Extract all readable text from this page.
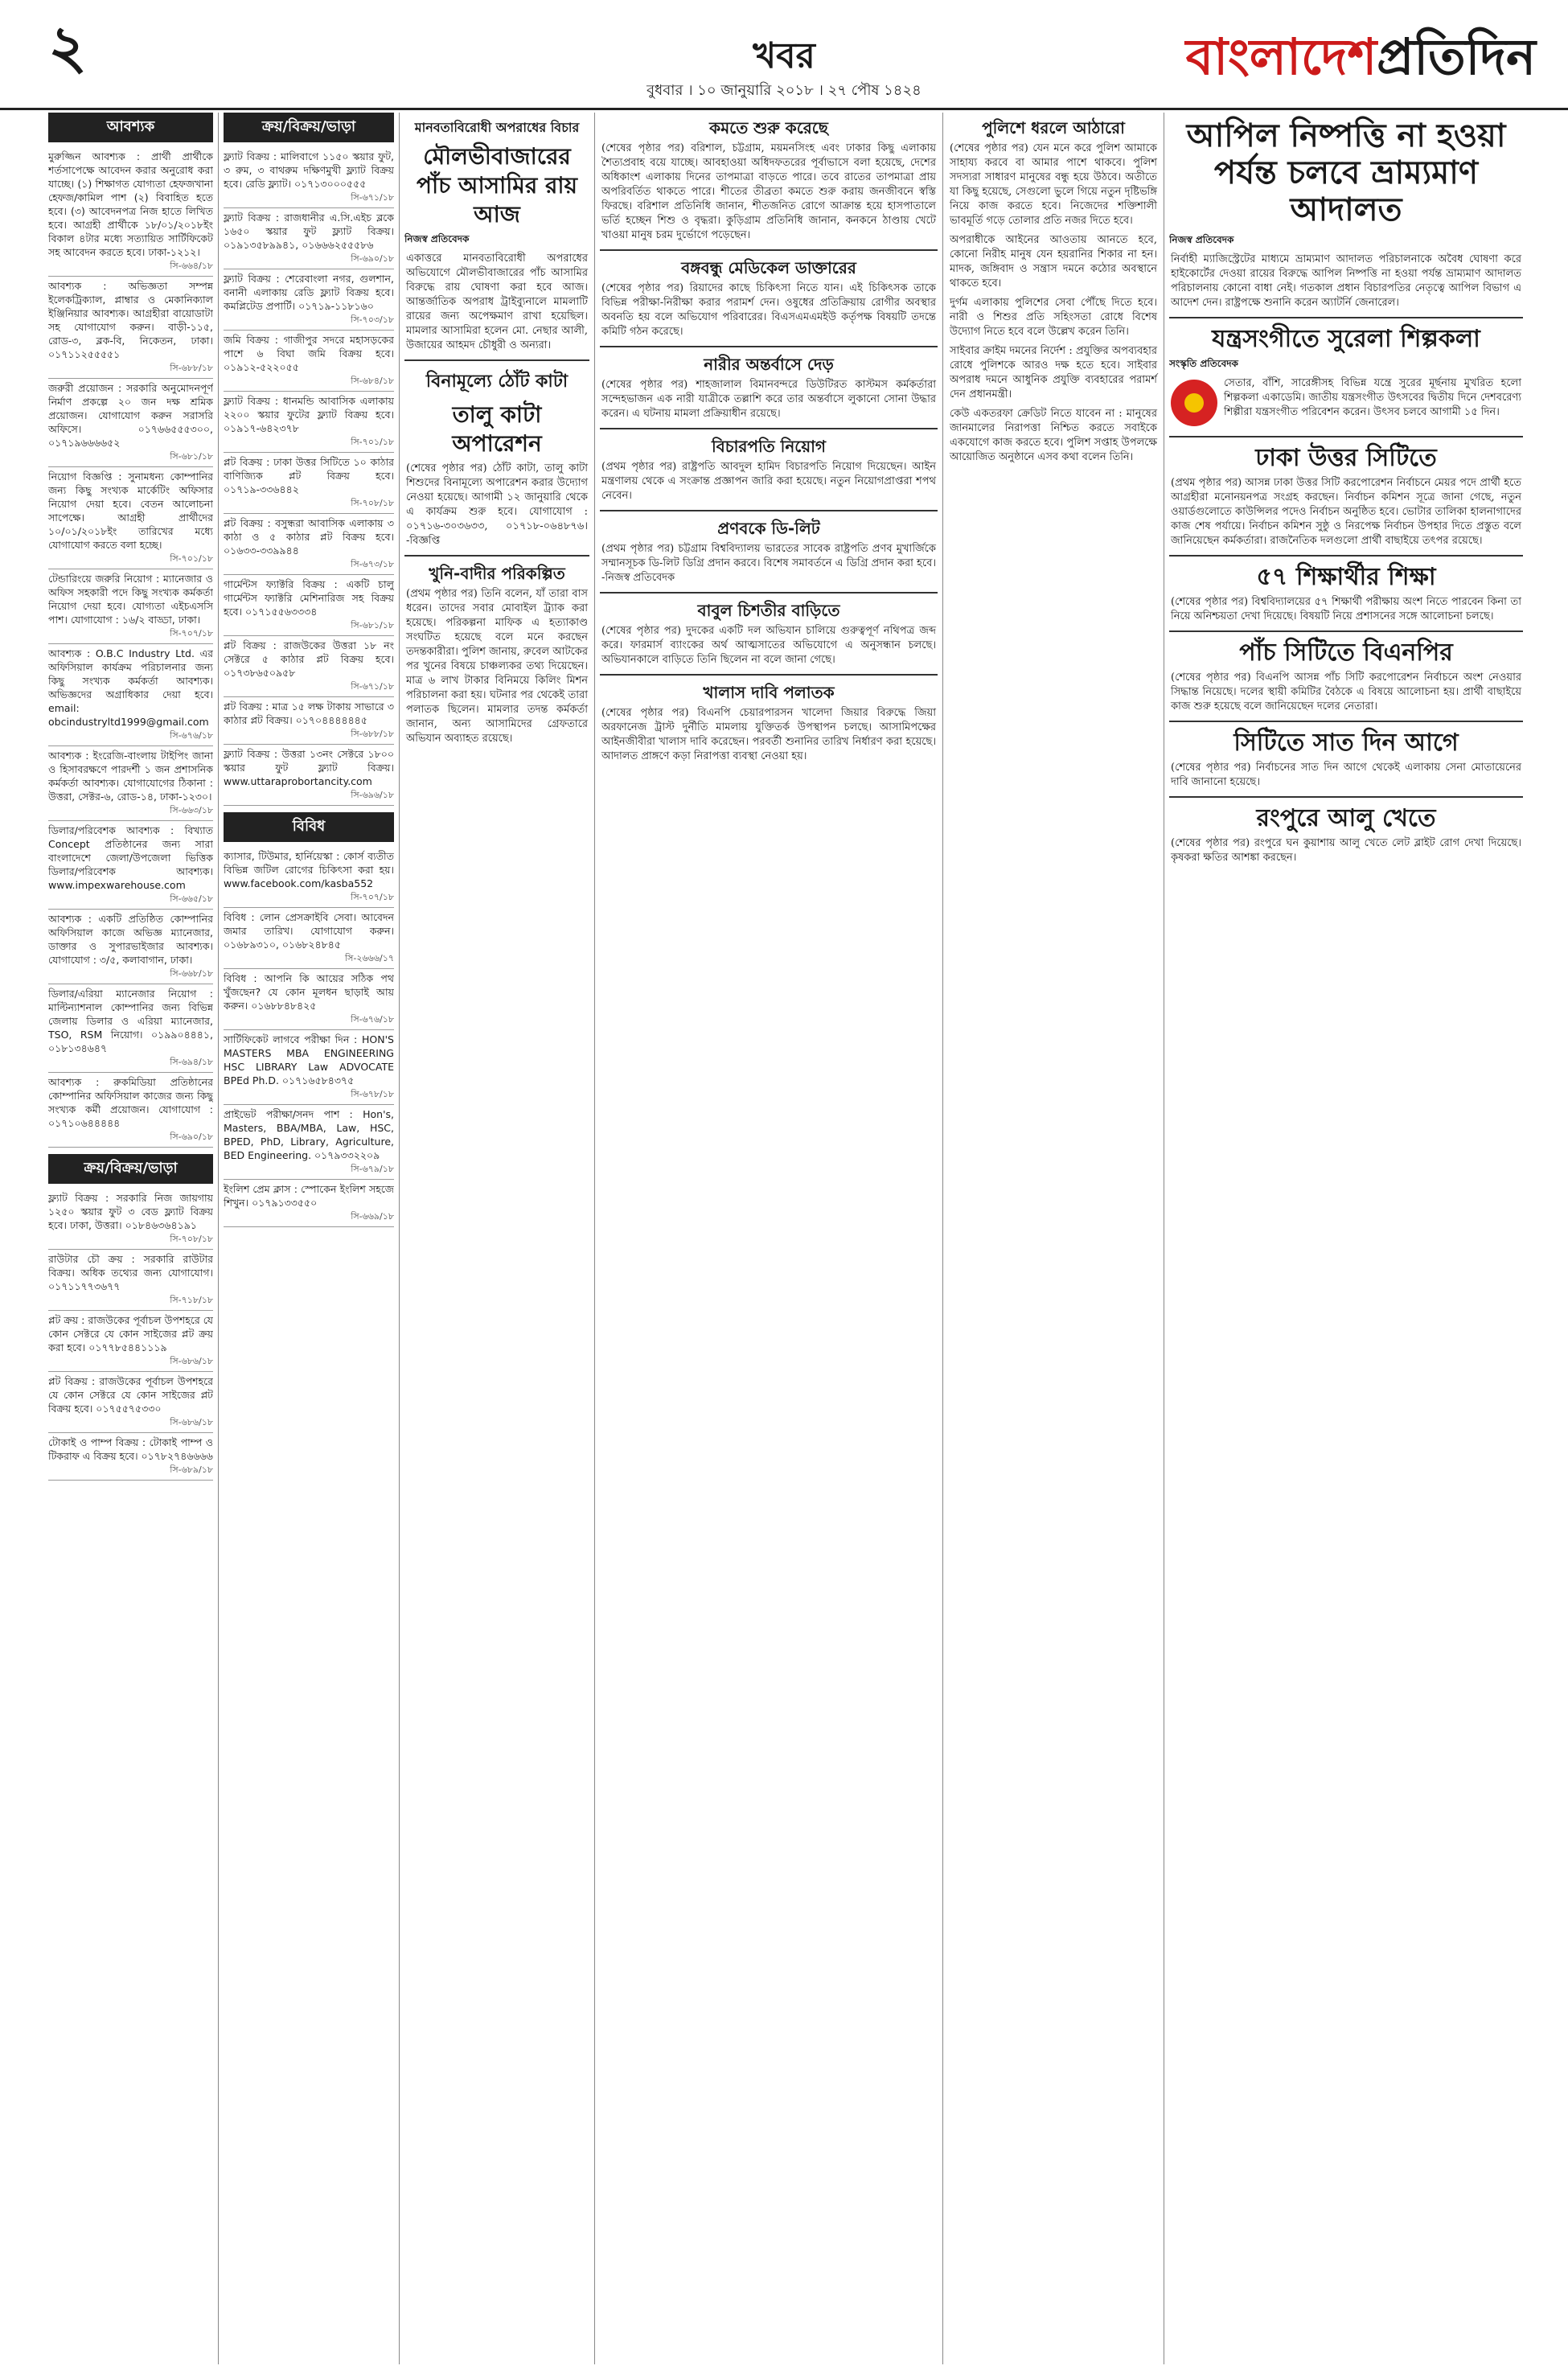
২	খবর
বুধবার । ১০ জানুয়ারি ২০১৮ । ২৭ পৌষ ১৪২৪
বাংলাদেশপ্রতিদিন
আবশ্যক
মুরুজ্জিন আবশ্যক : প্রার্থী প্রার্থীকে শর্তসাপেক্ষে আবেদন করার অনুরোধ করা যাচ্ছে। (১) শিক্ষাগত যোগ্যতা হেফজখানা হেফজ/কামিল পাশ (২) বিবাহিত হতে হবে। (৩) আবেদনপত্র নিজ হাতে লিখিত হবে। আগ্রহী প্রার্থীকে ১৮/০১/২০১৮ইং বিকাল ৪টার মধ্যে সত্যায়িত সার্টিফিকেট সহ আবেদন করতে হবে। ঢাকা-১২১২।
সি-৬৬৪/১৮
আবশ্যক : অভিজ্ঞতা সম্পন্ন ইলেকট্রিক্যাল, প্লাম্বার ও মেকানিক্যাল ইঞ্জিনিয়ার আবশ্যক। আগ্রহীরা বায়োডাটা সহ যোগাযোগ করুন। বাড়ী-১১৫, রোড-৩, ব্লক-বি, নিকেতন, ঢাকা। ০১৭১১২৫৫৫৫১
সি-৬৮৮/১৮
জরুরী প্রয়োজন : সরকারি অনুমোদনপূর্ণ নির্মাণ প্রকল্পে ২০ জন দক্ষ শ্রমিক প্রয়োজন। যোগাযোগ করুন সরাসরি অফিসে। ০১৭৬৬৫৫৫৩০০, ০১৭১৯৬৬৬৬৫২
সি-৬৮১/১৮
নিয়োগ বিজ্ঞপ্তি : সুনামধন্য কোম্পানির জন্য কিছু সংখ্যক মার্কেটিং অফিসার নিয়োগ দেয়া হবে। বেতন আলোচনা সাপেক্ষে। আগ্রহী প্রার্থীদের ১০/০১/২০১৮ইং তারিখের মধ্যে যোগাযোগ করতে বলা হচ্ছে।
সি-৭০১/১৮
টেন্ডারিংয়ে জরুরি নিয়োগ : ম্যানেজার ও অফিস সহকারী পদে কিছু সংখ্যক কর্মকর্তা নিয়োগ দেয়া হবে। যোগ্যতা এইচএসসি পাশ। যোগাযোগ : ১৬/২ বাড্ডা, ঢাকা।
সি-৭০৭/১৮
আবশ্যক : O.B.C Industry Ltd. এর অফিসিয়াল কার্যক্রম পরিচালনার জন্য কিছু সংখ্যক কর্মকর্তা আবশ্যক। অভিজ্ঞদের অগ্রাধিকার দেয়া হবে। email: obcindustryltd1999@gmail.com
সি-৬৭৬/১৮
আবশ্যক : ইংরেজি-বাংলায় টাইপিং জানা ও হিসাবরক্ষণে পারদর্শী ১ জন প্রশাসনিক কর্মকর্তা আবশ্যক। যোগাযোগের ঠিকানা : উত্তরা, সেক্টর-৬, রোড-১৪, ঢাকা-১২৩০।
সি-৬৬৩/১৮
ডিলার/পরিবেশক আবশ্যক : বিখ্যাত Concept প্রতিষ্ঠানের জন্য সারা বাংলাদেশে জেলা/উপজেলা ভিত্তিক ডিলার/পরিবেশক আবশ্যক। www.impexwarehouse.com
সি-৬৬৫/১৮
আবশ্যক : একটি প্রতিষ্ঠিত কোম্পানির অফিসিয়াল কাজে অভিজ্ঞ ম্যানেজার, ডাক্তার ও সুপারভাইজার আবশ্যক। যোগাযোগ : ৩/৫, কলাবাগান, ঢাকা।
সি-৬৬৮/১৮
ডিলার/এরিয়া ম্যানেজার নিয়োগ : মাল্টিন্যাশনাল কোম্পানির জন্য বিভিন্ন জেলায় ডিলার ও এরিয়া ম্যানেজার, TSO, RSM নিয়োগ। ০১৯৯০৪৪৪১, ০১৮১৩৪৬৪৭
সি-৬৯৪/১৮
আবশ্যক : রুকমিডিয়া প্রতিষ্ঠানের কোম্পানির অফিসিয়াল কাজের জন্য কিছু সংখ্যক কর্মী প্রয়োজন। যোগাযোগ : ০১৭১০৬৪৪৪৪৪
সি-৬৯০/১৮
ক্রয়/বিক্রয়/ভাড়া
ফ্ল্যাট বিক্রয় : সরকারি নিজ জায়গায় ১২৫০ স্কয়ার ফুট ৩ বেড ফ্ল্যাট বিক্রয় হবে। ঢাকা, উত্তরা। ০১৮৪৬৩৬৪১৯১
সি-৭০৮/১৮
রাউটার চৌ ক্রয় : সরকারি রাউটার বিক্রয়। অধিক তথ্যের জন্য যোগাযোগ। ০১৭১১৭৭৩৬৭৭
সি-৭১৮/১৮
প্লট ক্রয় : রাজউকের পূর্বাচল উপশহরে যে কোন সেক্টরে যে কোন সাইজের প্লট ক্রয় করা হবে। ০১৭৭৮৫৪৪১১১৯
সি-৬৮৬/১৮
প্লট বিক্রয় : রাজউকের পূর্বাচল উপশহরে যে কোন সেক্টরে যে কোন সাইজের প্লট বিক্রয় হবে। ০১৭৫৫৭৫৩৩০
সি-৬৮৬/১৮
টোকাই ও পাম্প বিক্রয় : টোকাই পাম্প ও টিকরাফ এ বিক্রয় হবে। ০১৭৮২৭৪৬৬৬৬
সি-৬৮৯/১৮
ক্রয়/বিক্রয়/ভাড়া
ফ্ল্যাট বিক্রয় : মালিবাগে ১১৫০ স্কয়ার ফুট, ৩ রুম, ৩ বাথরুম দক্ষিণমুখী ফ্ল্যাট বিক্রয় হবে। রেডি ফ্ল্যাট। ০১৭১৩০০০৫৫৫
সি-৬৭১/১৮
ফ্ল্যাট বিক্রয় : রাজধানীর এ.সি.এইচ ব্লকে ১৬৫০ স্কয়ার ফুট ফ্ল্যাট বিক্রয়। ০১৯১৩৫৮৯৯৪১, ০১৬৬৬২৫৫৫৮৬
সি-৬৯০/১৮
ফ্ল্যাট বিক্রয় : শেরেবাংলা নগর, গুলশান, বনানী এলাকায় রেডি ফ্ল্যাট বিক্রয় হবে। কমপ্লিটেড প্রপার্টি। ০১৭১৯-১১৮১৬০
সি-৭০৩/১৮
জমি বিক্রয় : গাজীপুর সদরে মহাসড়কের পাশে ৬ বিঘা জমি বিক্রয় হবে। ০১৯১২-৫২২০৫৫
সি-৬৮৪/১৮
ফ্ল্যাট বিক্রয় : ধানমন্ডি আবাসিক এলাকায় ২২০০ স্কয়ার ফুটের ফ্ল্যাট বিক্রয় হবে। ০১৯১৭-৬৪২৩৭৮
সি-৭০১/১৮
প্লট বিক্রয় : ঢাকা উত্তর সিটিতে ১০ কাঠার বাণিজ্যিক প্লট বিক্রয় হবে। ০১৭১৯-৩৩৬৪৪২
সি-৭০৮/১৮
প্লট বিক্রয় : বসুন্ধরা আবাসিক এলাকায় ৩ কাঠা ও ৫ কাঠার প্লট বিক্রয় হবে। ০১৬৩৩-৩৩৯৯৪৪
সি-৬৭৩/১৮
গার্মেন্টস ফ্যাক্টরি বিক্রয় : একটি চালু গার্মেন্টস ফ্যাক্টরি মেশিনারিজ সহ বিক্রয় হবে। ০১৭১৫৫৬৩৩৩৪
সি-৬৮১/১৮
প্লট বিক্রয় : রাজউকের উত্তরা ১৮ নং সেক্টরে ৫ কাঠার প্লট বিক্রয় হবে। ০১৭৩৮৬৫০৯৫৮
সি-৬৭১/১৮
প্লট বিক্রয় : মাত্র ১৫ লক্ষ টাকায় সাভারে ৩ কাঠার প্লট বিক্রয়। ০১৭০৪৪৪৪৪৪৫
সি-৬৮৮/১৮
ফ্ল্যাট বিক্রয় : উত্তরা ১৩নং সেক্টরে ১৮০০ স্কয়ার ফুট ফ্ল্যাট বিক্রয়। www.uttaraprobortancity.com
সি-৬৯৬/১৮
বিবিধ
ক্যাসার, টিউমার, হার্নিয়েস্কা : কোর্স ব্যতীত বিভিন্ন জটিল রোগের চিকিৎসা করা হয়। www.facebook.com/kasba552
সি-৭০৭/১৮
বিবিধ : লোন প্রেসক্রাইবি সেবা। আবেদন জমার তারিখ। যোগাযোগ করুন। ০১৬৮৯৩১০, ০১৬৮২৪৮৪৫
সি-২৬৬৬/১৭
বিবিধ : আপনি কি আয়ের সঠিক পথ খুঁজছেন? যে কোন মূলধন ছাড়াই আয় করুন। ০১৬৮৮৪৮৪২৫
সি-৬৭৬/১৮
সার্টিফিকেট লাগবে পরীক্ষা দিন : HON'S MASTERS MBA ENGINEERING HSC LIBRARY Law ADVOCATE BPEd Ph.D. ০১৭১৬৫৮৪৩৭৫
সি-৬৭৮/১৮
প্রাইভেট পরীক্ষা/সনদ পাশ : Hon's, Masters, BBA/MBA, Law, HSC, BPED, PhD, Library, Agriculture, BED Engineering. ০১৭৯৩৩২২০৯
সি-৬৭৯/১৮
ইংলিশ প্রেম ক্লাস : স্পোকেন ইংলিশ সহজে শিখুন। ০১৭৯১৩৩৫৫০
সি-৬৬৯/১৮
মানবতাবিরোধী অপরাধের বিচার
মৌলভীবাজারের পাঁচ আসামির রায় আজ
নিজস্ব প্রতিবেদক
একাত্তরে মানবতাবিরোধী অপরাধের অভিযোগে মৌলভীবাজারের পাঁচ আসামির বিরুদ্ধে রায় ঘোষণা করা হবে আজ। আন্তর্জাতিক অপরাধ ট্রাইব্যুনালে মামলাটি রায়ের জন্য অপেক্ষমাণ রাখা হয়েছিল। মামলার আসামিরা হলেন মো. নেছার আলী, উজায়ের আহমদ চৌধুরী ও অন্যরা।
বিনামূল্যে ঠোঁট কাটা
তালু কাটা অপারেশন
(শেষের পৃষ্ঠার পর) ঠোঁট কাটা, তালু কাটা শিশুদের বিনামূল্যে অপারেশন করার উদ্যোগ নেওয়া হয়েছে। আগামী ১২ জানুয়ারি থেকে এ কার্যক্রম শুরু হবে। যোগাযোগ : ০১৭১৬-৩০৩৬৩৩, ০১৭১৮-০৬৪৮৭৬। -বিজ্ঞপ্তি
খুনি-বাদীর পরিকল্পিত
(প্রথম পৃষ্ঠার পর) তিনি বলেন, যাঁ তারা বাস ধরেন। তাদের সবার মোবাইল ট্র্যাক করা হয়েছে। পরিকল্পনা মাফিক এ হত্যাকাণ্ড সংঘটিত হয়েছে বলে মনে করছেন তদন্তকারীরা। পুলিশ জানায়, রুবেল আটকের পর খুনের বিষয়ে চাঞ্চল্যকর তথ্য দিয়েছেন। মাত্র ৬ লাখ টাকার বিনিময়ে কিলিং মিশন পরিচালনা করা হয়। ঘটনার পর থেকেই তারা পলাতক ছিলেন। মামলার তদন্ত কর্মকর্তা জানান, অন্য আসামিদের গ্রেফতারে অভিযান অব্যাহত রয়েছে।
কমতে শুরু করেছে
(শেষের পৃষ্ঠার পর) বরিশাল, চট্টগ্রাম, ময়মনসিংহ এবং ঢাকার কিছু এলাকায় শৈত্যপ্রবাহ বয়ে যাচ্ছে। আবহাওয়া অধিদফতরের পূর্বাভাসে বলা হয়েছে, দেশের অধিকাংশ এলাকায় দিনের তাপমাত্রা বাড়তে পারে। তবে রাতের তাপমাত্রা প্রায় অপরিবর্তিত থাকতে পারে। শীতের তীব্রতা কমতে শুরু করায় জনজীবনে স্বস্তি ফিরছে। বরিশাল প্রতিনিধি জানান, শীতজনিত রোগে আক্রান্ত হয়ে হাসপাতালে ভর্তি হচ্ছেন শিশু ও বৃদ্ধরা। কুড়িগ্রাম প্রতিনিধি জানান, কনকনে ঠাণ্ডায় খেটে খাওয়া মানুষ চরম দুর্ভোগে পড়েছেন।
বঙ্গবন্ধু মেডিকেল ডাক্তারের
(শেষের পৃষ্ঠার পর) রিয়াদের কাছে চিকিৎসা নিতে যান। এই চিকিৎসক তাকে বিভিন্ন পরীক্ষা-নিরীক্ষা করার পরামর্শ দেন। ওষুধের প্রতিক্রিয়ায় রোগীর অবস্থার অবনতি হয় বলে অভিযোগ পরিবারের। বিএসএমএমইউ কর্তৃপক্ষ বিষয়টি তদন্তে কমিটি গঠন করেছে।
নারীর অন্তর্বাসে দেড়
(শেষের পৃষ্ঠার পর) শাহজালাল বিমানবন্দরে ডিউটিরত কাস্টমস কর্মকর্তারা সন্দেহভাজন এক নারী যাত্রীকে তল্লাশি করে তার অন্তর্বাসে লুকানো সোনা উদ্ধার করেন। এ ঘটনায় মামলা প্রক্রিয়াধীন রয়েছে।
বিচারপতি নিয়োগ
(প্রথম পৃষ্ঠার পর) রাষ্ট্রপতি আবদুল হামিদ বিচারপতি নিয়োগ দিয়েছেন। আইন মন্ত্রণালয় থেকে এ সংক্রান্ত প্রজ্ঞাপন জারি করা হয়েছে। নতুন নিয়োগপ্রাপ্তরা শপথ নেবেন।
প্রণবকে ডি-লিট
(প্রথম পৃষ্ঠার পর) চট্টগ্রাম বিশ্ববিদ্যালয় ভারতের সাবেক রাষ্ট্রপতি প্রণব মুখার্জিকে সম্মানসূচক ডি-লিট ডিগ্রি প্রদান করবে। বিশেষ সমাবর্তনে এ ডিগ্রি প্রদান করা হবে। -নিজস্ব প্রতিবেদক
বাবুল চিশতীর বাড়িতে
(শেষের পৃষ্ঠার পর) দুদকের একটি দল অভিযান চালিয়ে গুরুত্বপূর্ণ নথিপত্র জব্দ করে। ফারমার্স ব্যাংকের অর্থ আত্মসাতের অভিযোগে এ অনুসন্ধান চলছে। অভিযানকালে বাড়িতে তিনি ছিলেন না বলে জানা গেছে।
খালাস দাবি পলাতক
(শেষের পৃষ্ঠার পর) বিএনপি চেয়ারপারসন খালেদা জিয়ার বিরুদ্ধে জিয়া অরফানেজ ট্রাস্ট দুর্নীতি মামলায় যুক্তিতর্ক উপস্থাপন চলছে। আসামিপক্ষের আইনজীবীরা খালাস দাবি করেছেন। পরবর্তী শুনানির তারিখ নির্ধারণ করা হয়েছে। আদালত প্রাঙ্গণে কড়া নিরাপত্তা ব্যবস্থা নেওয়া হয়।
পুলিশে ধরলে আঠারো
(শেষের পৃষ্ঠার পর) যেন মনে করে পুলিশ আমাকে সাহায্য করবে বা আমার পাশে থাকবে। পুলিশ সদস্যরা সাধারণ মানুষের বন্ধু হয়ে উঠবে। অতীতে যা কিছু হয়েছে, সেগুলো ভুলে গিয়ে নতুন দৃষ্টিভঙ্গি নিয়ে কাজ করতে হবে। নিজেদের শক্তিশালী ভাবমূর্তি গড়ে তোলার প্রতি নজর দিতে হবে।
অপরাধীকে আইনের আওতায় আনতে হবে, কোনো নিরীহ মানুষ যেন হয়রানির শিকার না হন। মাদক, জঙ্গিবাদ ও সন্ত্রাস দমনে কঠোর অবস্থানে থাকতে হবে।
দুর্গম এলাকায় পুলিশের সেবা পৌঁছে দিতে হবে। নারী ও শিশুর প্রতি সহিংসতা রোধে বিশেষ উদ্যোগ নিতে হবে বলে উল্লেখ করেন তিনি।
সাইবার ক্রাইম দমনের নির্দেশ : প্রযুক্তির অপব্যবহার রোধে পুলিশকে আরও দক্ষ হতে হবে। সাইবার অপরাধ দমনে আধুনিক প্রযুক্তি ব্যবহারের পরামর্শ দেন প্রধানমন্ত্রী।
কেউ একতরফা ক্রেডিট নিতে যাবেন না : মানুষের জানমালের নিরাপত্তা নিশ্চিত করতে সবাইকে একযোগে কাজ করতে হবে। পুলিশ সপ্তাহ উপলক্ষে আয়োজিত অনুষ্ঠানে এসব কথা বলেন তিনি।
আপিল নিষ্পত্তি না হওয়া পর্যন্ত চলবে ভ্রাম্যমাণ আদালত
নিজস্ব প্রতিবেদক
নির্বাহী ম্যাজিস্ট্রেটের মাধ্যমে ভ্রাম্যমাণ আদালত পরিচালনাকে অবৈধ ঘোষণা করে হাইকোর্টের দেওয়া রায়ের বিরুদ্ধে আপিল নিষ্পত্তি না হওয়া পর্যন্ত ভ্রাম্যমাণ আদালত পরিচালনায় কোনো বাধা নেই। গতকাল প্রধান বিচারপতির নেতৃত্বে আপিল বিভাগ এ আদেশ দেন। রাষ্ট্রপক্ষে শুনানি করেন অ্যাটর্নি জেনারেল।
যন্ত্রসংগীতে সুরেলা শিল্পকলা
সংস্কৃতি প্রতিবেদক
সেতার, বাঁশি, সারেঙ্গীসহ বিভিন্ন যন্ত্রে সুরের মূর্ছনায় মুখরিত হলো শিল্পকলা একাডেমি। জাতীয় যন্ত্রসংগীত উৎসবের দ্বিতীয় দিনে দেশবরেণ্য শিল্পীরা যন্ত্রসংগীত পরিবেশন করেন। উৎসব চলবে আগামী ১৫ দিন।
ঢাকা উত্তর সিটিতে
(প্রথম পৃষ্ঠার পর) আসন্ন ঢাকা উত্তর সিটি করপোরেশন নির্বাচনে মেয়র পদে প্রার্থী হতে আগ্রহীরা মনোনয়নপত্র সংগ্রহ করছেন। নির্বাচন কমিশন সূত্রে জানা গেছে, নতুন ওয়ার্ডগুলোতে কাউন্সিলর পদেও নির্বাচন অনুষ্ঠিত হবে। ভোটার তালিকা হালনাগাদের কাজ শেষ পর্যায়ে। নির্বাচন কমিশন সুষ্ঠু ও নিরপেক্ষ নির্বাচন উপহার দিতে প্রস্তুত বলে জানিয়েছেন কর্মকর্তারা। রাজনৈতিক দলগুলো প্রার্থী বাছাইয়ে তৎপর রয়েছে।
৫৭ শিক্ষার্থীর শিক্ষা
(শেষের পৃষ্ঠার পর) বিশ্ববিদ্যালয়ের ৫৭ শিক্ষার্থী পরীক্ষায় অংশ নিতে পারবেন কিনা তা নিয়ে অনিশ্চয়তা দেখা দিয়েছে। বিষয়টি নিয়ে প্রশাসনের সঙ্গে আলোচনা চলছে।
পাঁচ সিটিতে বিএনপির
(শেষের পৃষ্ঠার পর) বিএনপি আসন্ন পাঁচ সিটি করপোরেশন নির্বাচনে অংশ নেওয়ার সিদ্ধান্ত নিয়েছে। দলের স্থায়ী কমিটির বৈঠকে এ বিষয়ে আলোচনা হয়। প্রার্থী বাছাইয়ে কাজ শুরু হয়েছে বলে জানিয়েছেন দলের নেতারা।
সিটিতে সাত দিন আগে
(শেষের পৃষ্ঠার পর) নির্বাচনের সাত দিন আগে থেকেই এলাকায় সেনা মোতায়েনের দাবি জানানো হয়েছে।
রংপুরে আলু খেতে
(শেষের পৃষ্ঠার পর) রংপুরে ঘন কুয়াশায় আলু খেতে লেট ব্লাইট রোগ দেখা দিয়েছে। কৃষকরা ক্ষতির আশঙ্কা করছেন।
